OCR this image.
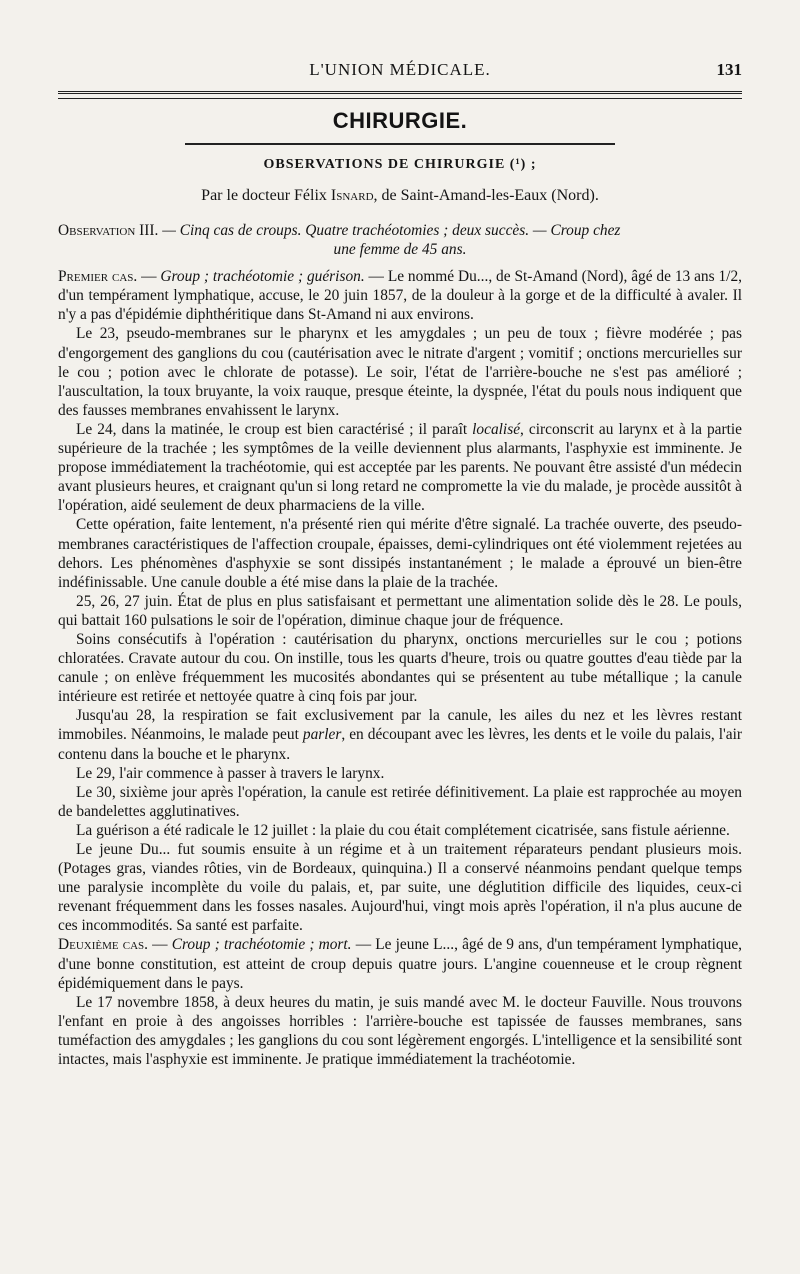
L'UNION MÉDICALE.	131
CHIRURGIE.
OBSERVATIONS DE CHIRURGIE (¹) ;
Par le docteur Félix Isnard, de Saint-Amand-les-Eaux (Nord).
Observation III. — Cinq cas de croups. Quatre trachéotomies ; deux succès. — Croup chez
une femme de 45 ans.

Premier cas. — Group ; trachéotomie ; guérison. — Le nommé Du..., de St-Amand (Nord), âgé de 13 ans 1/2, d'un tempérament lymphatique, accuse, le 20 juin 1857, de la douleur à la gorge et de la difficulté à avaler. Il n'y a pas d'épidémie diphthéritique dans St-Amand ni aux environs.

Le 23, pseudo-membranes sur le pharynx et les amygdales ; un peu de toux ; fièvre modérée ; pas d'engorgement des ganglions du cou (cautérisation avec le nitrate d'argent ; vomitif ; onctions mercurielles sur le cou ; potion avec le chlorate de potasse). Le soir, l'état de l'arrière-bouche ne s'est pas amélioré ; l'auscultation, la toux bruyante, la voix rauque, presque éteinte, la dyspnée, l'état du pouls nous indiquent que des fausses membranes envahissent le larynx.

Le 24, dans la matinée, le croup est bien caractérisé ; il paraît localisé, circonscrit au larynx et à la partie supérieure de la trachée ; les symptômes de la veille deviennent plus alarmants, l'asphyxie est imminente. Je propose immédiatement la trachéotomie, qui est acceptée par les parents. Ne pouvant être assisté d'un médecin avant plusieurs heures, et craignant qu'un si long retard ne compromette la vie du malade, je procède aussitôt à l'opération, aidé seulement de deux pharmaciens de la ville.

Cette opération, faite lentement, n'a présenté rien qui mérite d'être signalé. La trachée ouverte, des pseudo-membranes caractéristiques de l'affection croupale, épaisses, demi-cylindriques ont été violemment rejetées au dehors. Les phénomènes d'asphyxie se sont dissipés instantanément ; le malade a éprouvé un bien-être indéfinissable. Une canule double a été mise dans la plaie de la trachée.

25, 26, 27 juin. État de plus en plus satisfaisant et permettant une alimentation solide dès le 28. Le pouls, qui battait 160 pulsations le soir de l'opération, diminue chaque jour de fréquence.

Soins consécutifs à l'opération : cautérisation du pharynx, onctions mercurielles sur le cou ; potions chloratées. Cravate autour du cou. On instille, tous les quarts d'heure, trois ou quatre gouttes d'eau tiède par la canule ; on enlève fréquemment les mucosités abondantes qui se présentent au tube métallique ; la canule intérieure est retirée et nettoyée quatre à cinq fois par jour.

Jusqu'au 28, la respiration se fait exclusivement par la canule, les ailes du nez et les lèvres restant immobiles. Néanmoins, le malade peut parler, en découpant avec les lèvres, les dents et le voile du palais, l'air contenu dans la bouche et le pharynx.

Le 29, l'air commence à passer à travers le larynx.

Le 30, sixième jour après l'opération, la canule est retirée définitivement. La plaie est rapprochée au moyen de bandelettes agglutinatives.

La guérison a été radicale le 12 juillet : la plaie du cou était complétement cicatrisée, sans fistule aérienne.

Le jeune Du... fut soumis ensuite à un régime et à un traitement réparateurs pendant plusieurs mois. (Potages gras, viandes rôties, vin de Bordeaux, quinquina.) Il a conservé néanmoins pendant quelque temps une paralysie incomplète du voile du palais, et, par suite, une déglutition difficile des liquides, ceux-ci revenant fréquemment dans les fosses nasales. Aujourd'hui, vingt mois après l'opération, il n'a plus aucune de ces incommodités. Sa santé est parfaite.

Deuxième cas. — Croup ; trachéotomie ; mort. — Le jeune L..., âgé de 9 ans, d'un tempérament lymphatique, d'une bonne constitution, est atteint de croup depuis quatre jours. L'angine couenneuse et le croup règnent épidémiquement dans le pays.

Le 17 novembre 1858, à deux heures du matin, je suis mandé avec M. le docteur Fauville. Nous trouvons l'enfant en proie à des angoisses horribles : l'arrière-bouche est tapissée de fausses membranes, sans tuméfaction des amygdales ; les ganglions du cou sont légèrement engorgés. L'intelligence et la sensibilité sont intactes, mais l'asphyxie est imminente. Je pratique immédiatement la trachéotomie.
